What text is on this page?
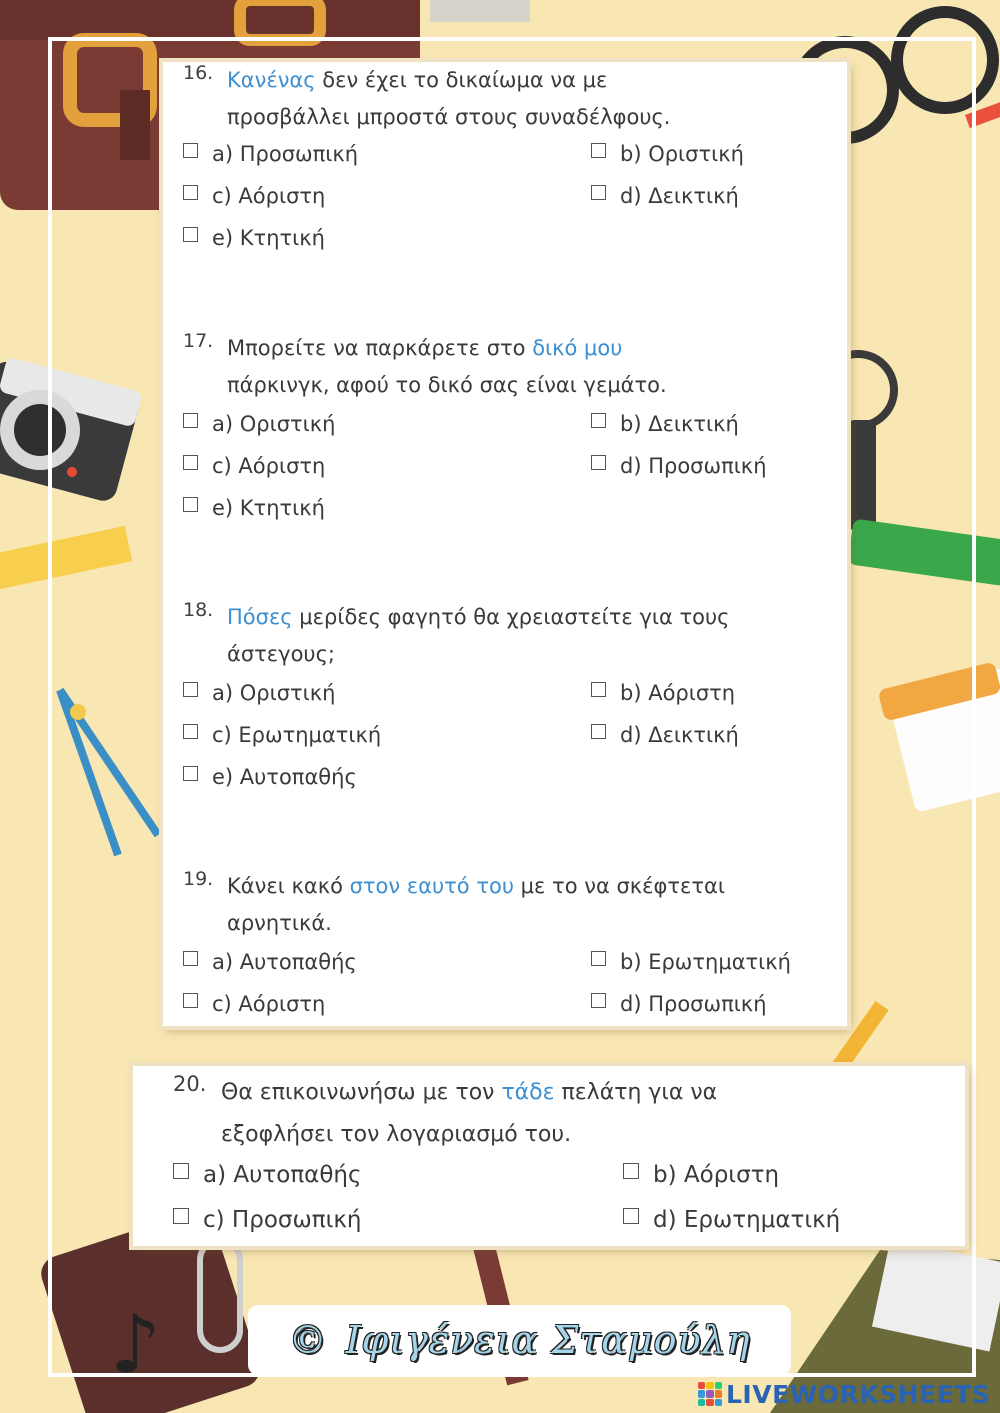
♪
16. Κανένας δεν έχει το δικαίωμα να με
προσβάλλει μπροστά στους συναδέλφους.
a) Προσωπική	b) Οριστική
c) Αόριστη	d) Δεικτική
e) Κτητική
17. Μπορείτε να παρκάρετε στο δικό μου
πάρκινγκ, αφού το δικό σας είναι γεμάτο.
a) Οριστική	b) Δεικτική
c) Αόριστη	d) Προσωπική
e) Κτητική
18. Πόσες μερίδες φαγητό θα χρειαστείτε για τους
άστεγους;
a) Οριστική	b) Αόριστη
c) Ερωτηματική	d) Δεικτική
e) Αυτοπαθής
19. Κάνει κακό στον εαυτό του με το να σκέφτεται
αρνητικά.
a) Αυτοπαθής	b) Ερωτηματική
c) Αόριστη	d) Προσωπική
20. Θα επικοινωνήσω με τον τάδε πελάτη για να
εξοφλήσει τον λογαριασμό του.
a) Αυτοπαθής	b) Αόριστη
c) Προσωπική	d) Ερωτηματική
© Ιφιγένεια Σταμούλη
LIVEWORKSHEETS
